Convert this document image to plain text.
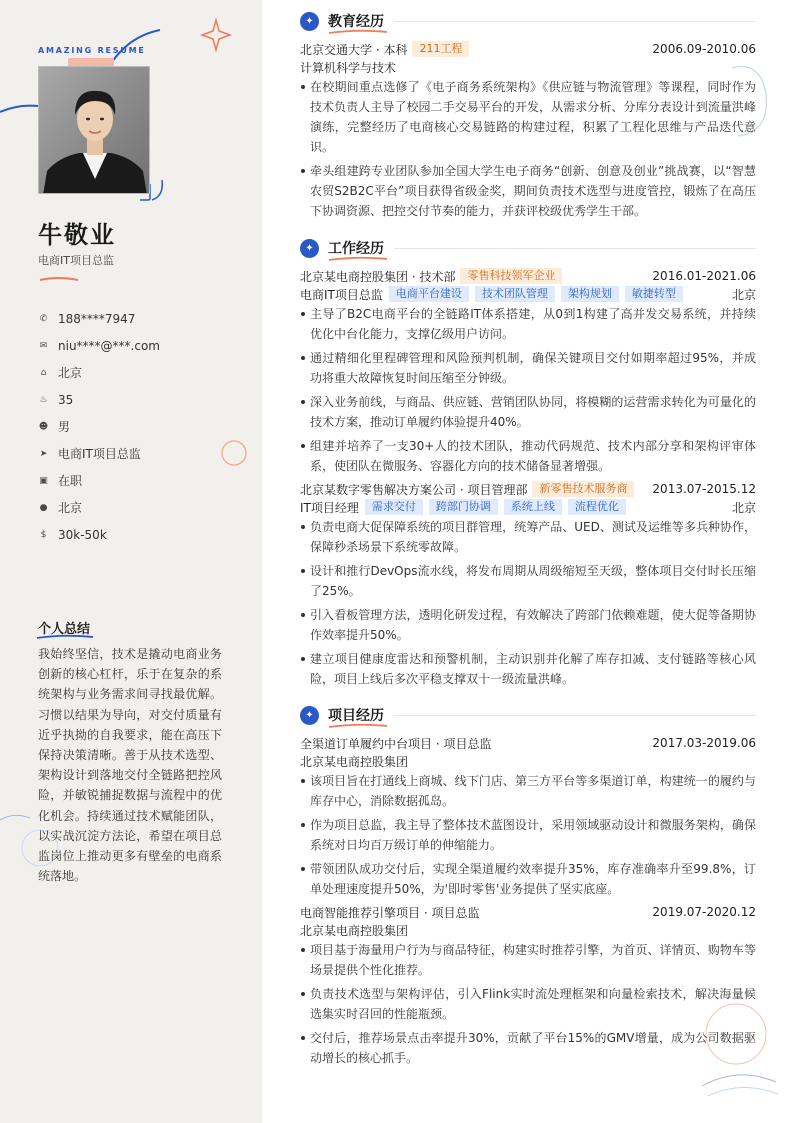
AMAZING RESUME
牛敬业
电商IT项目总监
✆ 188****7947
✉ niu****@***.com
⌂ 北京
♨ 35
☻ 男
➤ 电商IT项目总监
▣ 在职
● 北京
$ 30k-50k
个人总结
我始终坚信，技术是撬动电商业务创新的核心杠杆，乐于在复杂的系统架构与业务需求间寻找最优解。习惯以结果为导向，对交付质量有近乎执拗的自我要求，能在高压下保持决策清晰。善于从技术选型、架构设计到落地交付全链路把控风险，并敏锐捕捉数据与流程中的优化机会。持续通过技术赋能团队，以实战沉淀方法论，希望在项目总监岗位上推动更多有壁垒的电商系统落地。
✦	教育经历
北京交通大学 · 本科	211工程	2006.09-2010.06
计算机科学与技术
在校期间重点选修了《电子商务系统架构》《供应链与物流管理》等课程，同时作为技术负责人主导了校园二手交易平台的开发，从需求分析、分库分表设计到流量洪峰演练，完整经历了电商核心交易链路的构建过程，积累了工程化思维与产品迭代意识。
牵头组建跨专业团队参加全国大学生电子商务“创新、创意及创业”挑战赛，以“智慧农贸S2B2C平台”项目获得省级金奖，期间负责技术选型与进度管控，锻炼了在高压下协调资源、把控交付节奏的能力，并获评校级优秀学生干部。
✦	工作经历
北京某电商控股集团 · 技术部	零售科技领军企业	2016.01-2021.06
电商IT项目总监	电商平台建设	技术团队管理	架构规划	敏捷转型	北京
主导了B2C电商平台的全链路IT体系搭建，从0到1构建了高并发交易系统，并持续优化中台化能力，支撑亿级用户访问。
通过精细化里程碑管理和风险预判机制，确保关键项目交付如期率超过95%，并成功将重大故障恢复时间压缩至分钟级。
深入业务前线，与商品、供应链、营销团队协同，将模糊的运营需求转化为可量化的技术方案，推动订单履约体验提升40%。
组建并培养了一支30+人的技术团队，推动代码规范、技术内部分享和架构评审体系，使团队在微服务、容器化方向的技术储备显著增强。
北京某数字零售解决方案公司 · 项目管理部	新零售技术服务商	2013.07-2015.12
IT项目经理	需求交付	跨部门协调	系统上线	流程优化	北京
负责电商大促保障系统的项目群管理，统筹产品、UED、测试及运维等多兵种协作，保障秒杀场景下系统零故障。
设计和推行DevOps流水线，将发布周期从周级缩短至天级，整体项目交付时长压缩了25%。
引入看板管理方法，透明化研发过程，有效解决了跨部门依赖难题，使大促等备期协作效率提升50%。
建立项目健康度雷达和预警机制，主动识别并化解了库存扣减、支付链路等核心风险，项目上线后多次平稳支撑双十一级流量洪峰。
✦	项目经历
全渠道订单履约中台项目 · 项目总监	2017.03-2019.06
北京某电商控股集团
该项目旨在打通线上商城、线下门店、第三方平台等多渠道订单，构建统一的履约与库存中心，消除数据孤岛。
作为项目总监，我主导了整体技术蓝图设计，采用领域驱动设计和微服务架构，确保系统对日均百万级订单的伸缩能力。
带领团队成功交付后，实现全渠道履约效率提升35%，库存准确率升至99.8%，订单处理速度提升50%，为'即时零售'业务提供了坚实底座。
电商智能推荐引擎项目 · 项目总监	2019.07-2020.12
北京某电商控股集团
项目基于海量用户行为与商品特征，构建实时推荐引擎，为首页、详情页、购物车等场景提供个性化推荐。
负责技术选型与架构评估，引入Flink实时流处理框架和向量检索技术，解决海量候选集实时召回的性能瓶颈。
交付后，推荐场景点击率提升30%，贡献了平台15%的GMV增量，成为公司数据驱动增长的核心抓手。
